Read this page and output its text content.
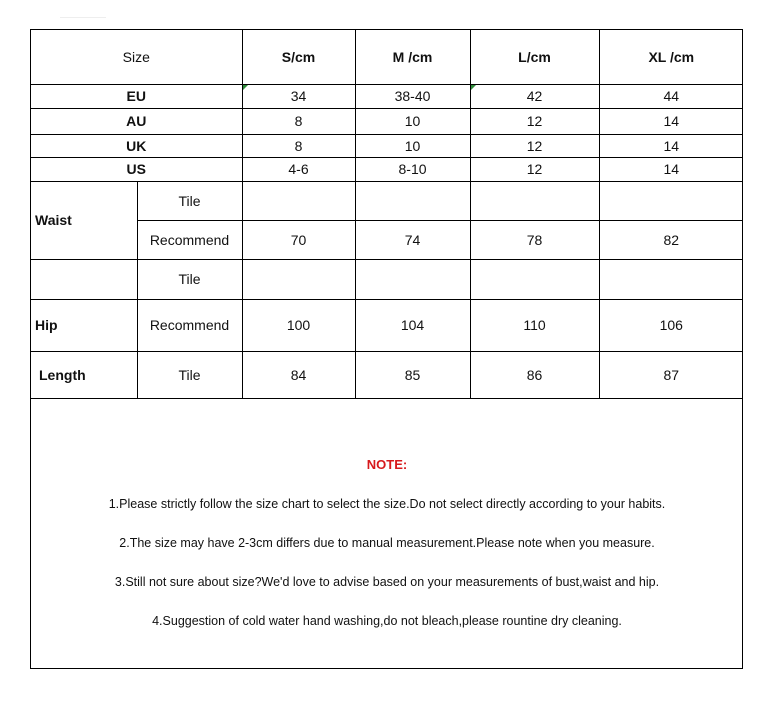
Size		S/cm	M /cm	L/cm	XL /cm
EU		34	38-40	42	44
AU		8	10	12	14
UK		8	10	12	14
US		4-6	8-10	12	14
Waist	Tile				
	Recommend	70	74	78	82
	Tile				
Hip	Recommend	100	104	110	106
Length	Tile	84	85	86	87
NOTE:
1.Please strictly follow the size chart to select the size.Do not select directly according to your habits.
2.The size may have 2-3cm differs due to manual measurement.Please note when you measure.
3.Still not sure about size?We'd love to advise based on your measurements of bust,waist and hip.
4.Suggestion of cold water hand washing,do not bleach,please rountine dry cleaning.
